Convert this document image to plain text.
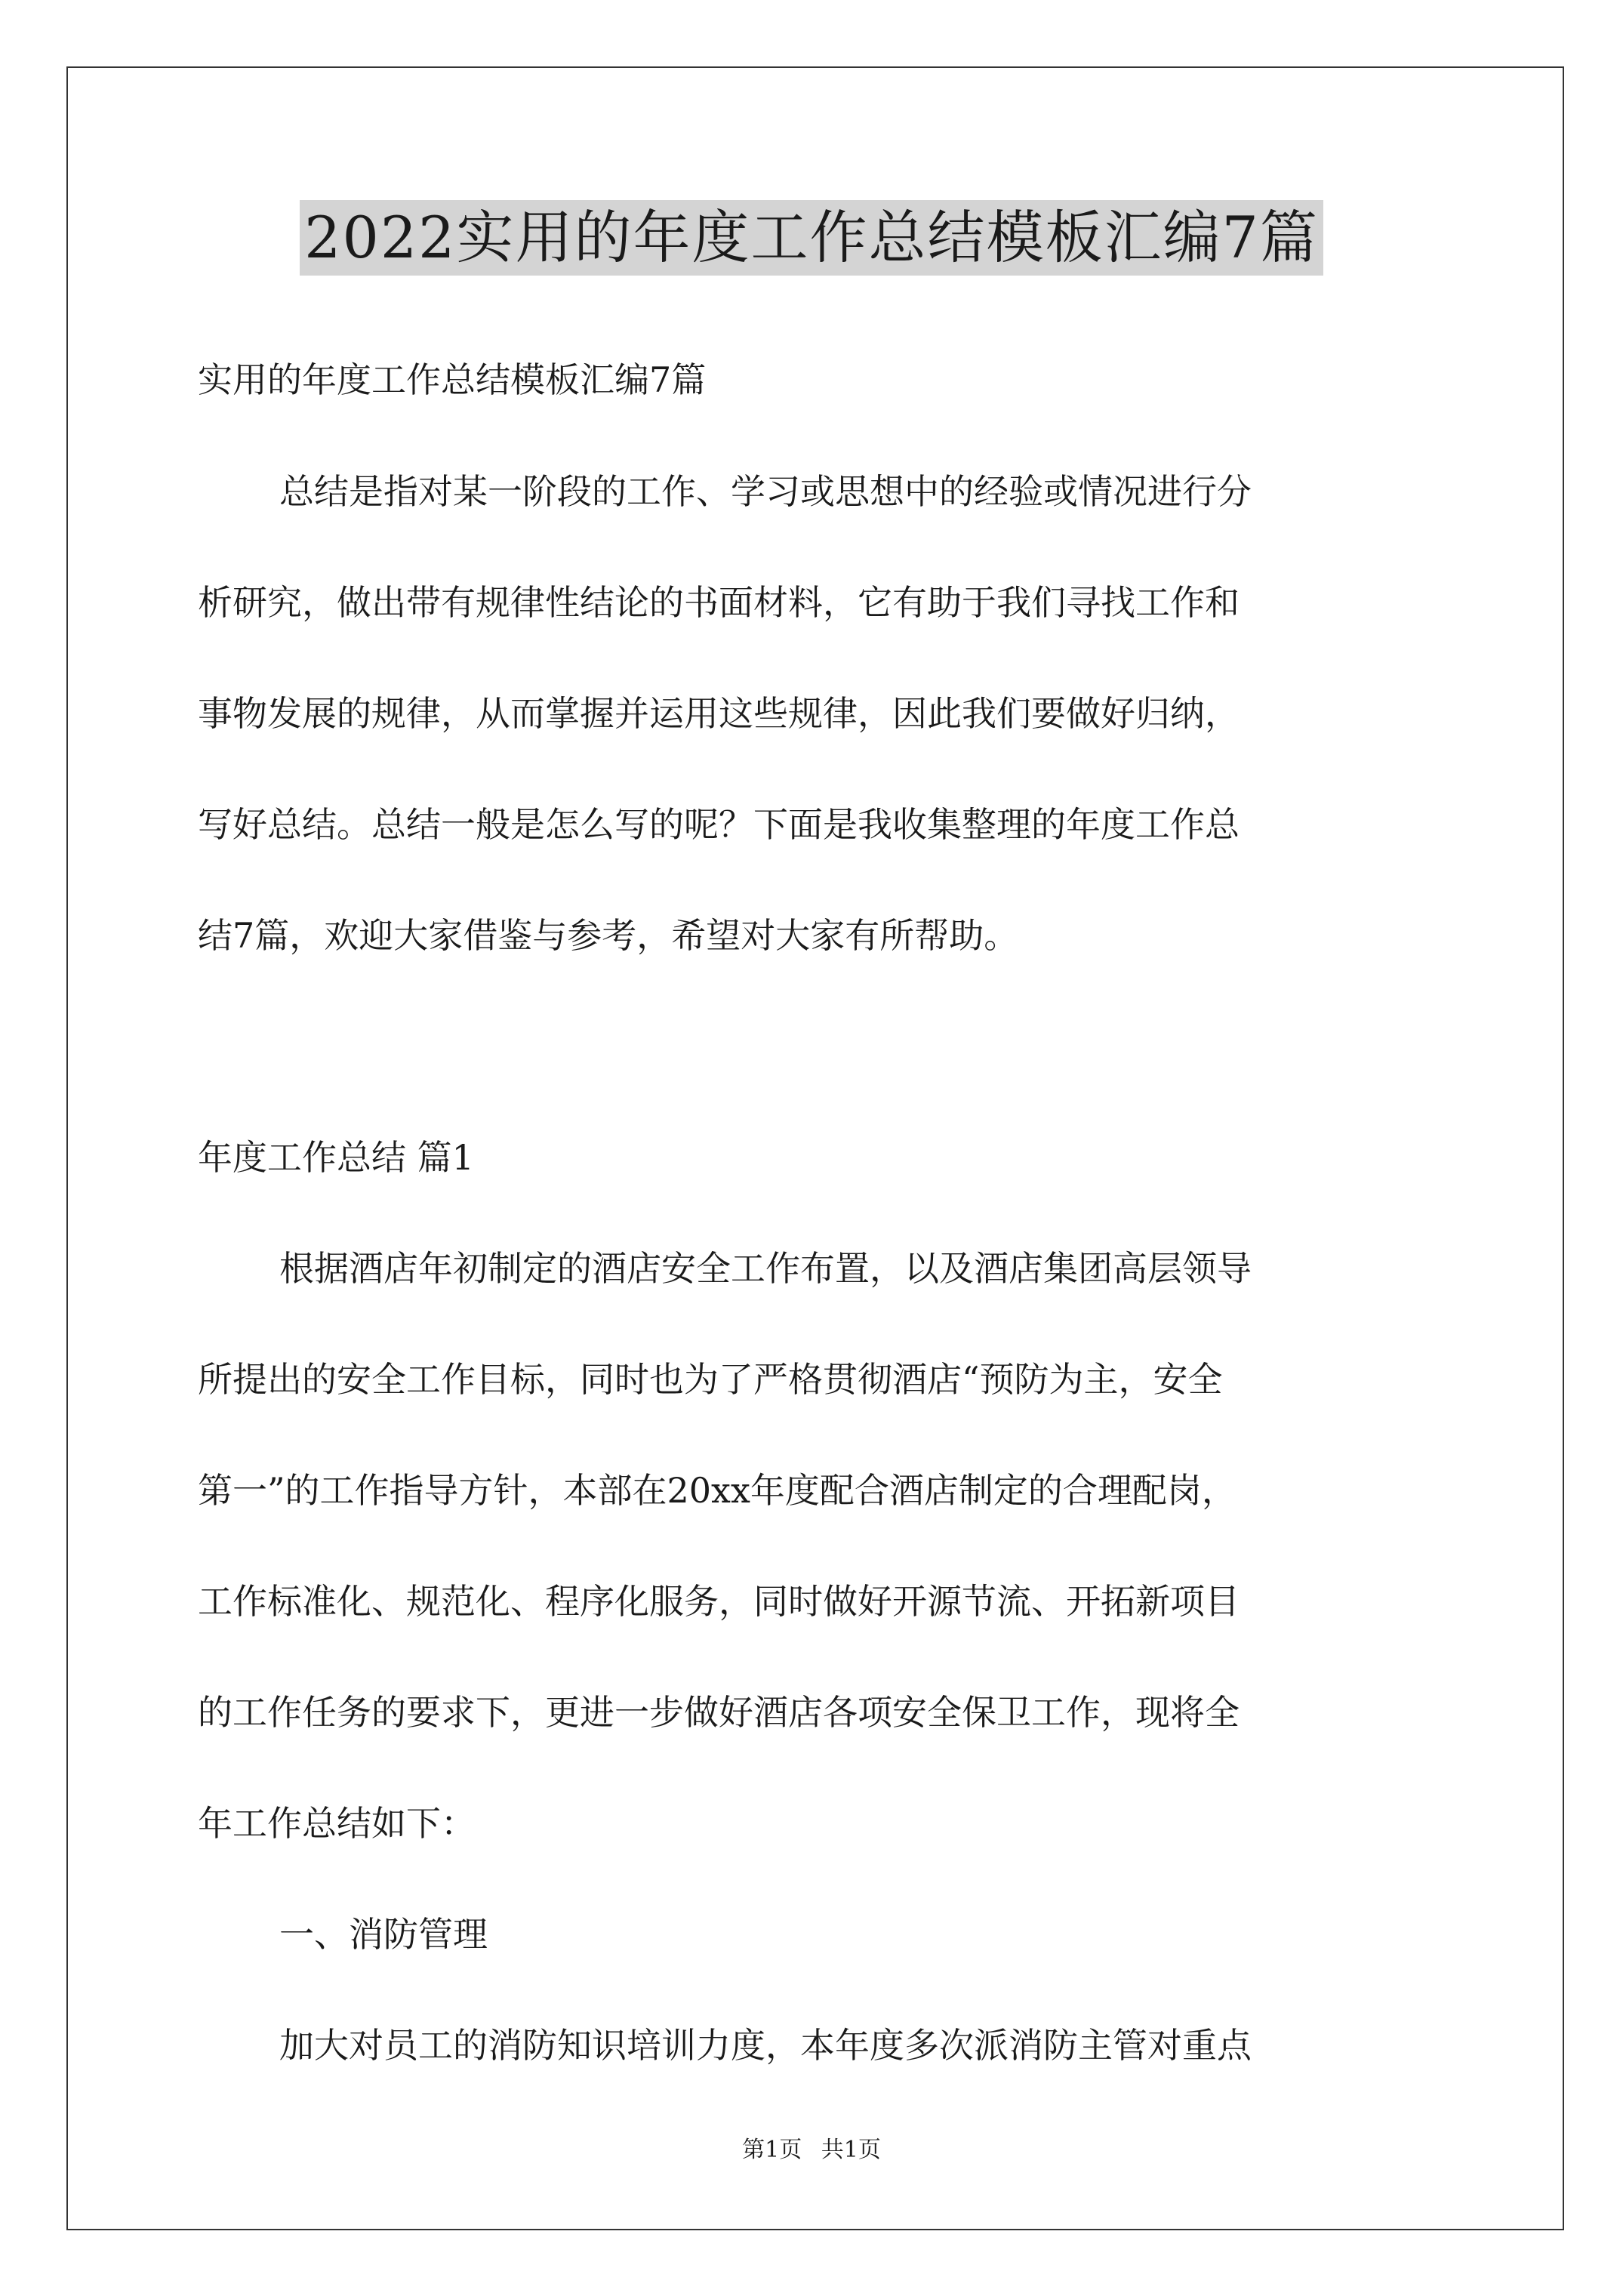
2022实用的年度工作总结模板汇编7篇

实用的年度工作总结模板汇编7篇

总结是指对某一阶段的工作、学习或思想中的经验或情况进行分

析研究，做出带有规律性结论的书面材料，它有助于我们寻找工作和

事物发展的规律，从而掌握并运用这些规律，因此我们要做好归纳，

写好总结。总结一般是怎么写的呢？下面是我收集整理的年度工作总

结7篇，欢迎大家借鉴与参考，希望对大家有所帮助。

年度工作总结 篇1

根据酒店年初制定的酒店安全工作布置，以及酒店集团高层领导

所提出的安全工作目标，同时也为了严格贯彻酒店“预防为主，安全

第一”的工作指导方针，本部在20xx年度配合酒店制定的合理配岗，

工作标准化、规范化、程序化服务，同时做好开源节流、开拓新项目

的工作任务的要求下，更进一步做好酒店各项安全保卫工作，现将全

年工作总结如下：

一、消防管理

加大对员工的消防知识培训力度，本年度多次派消防主管对重点

第1页 共1页
